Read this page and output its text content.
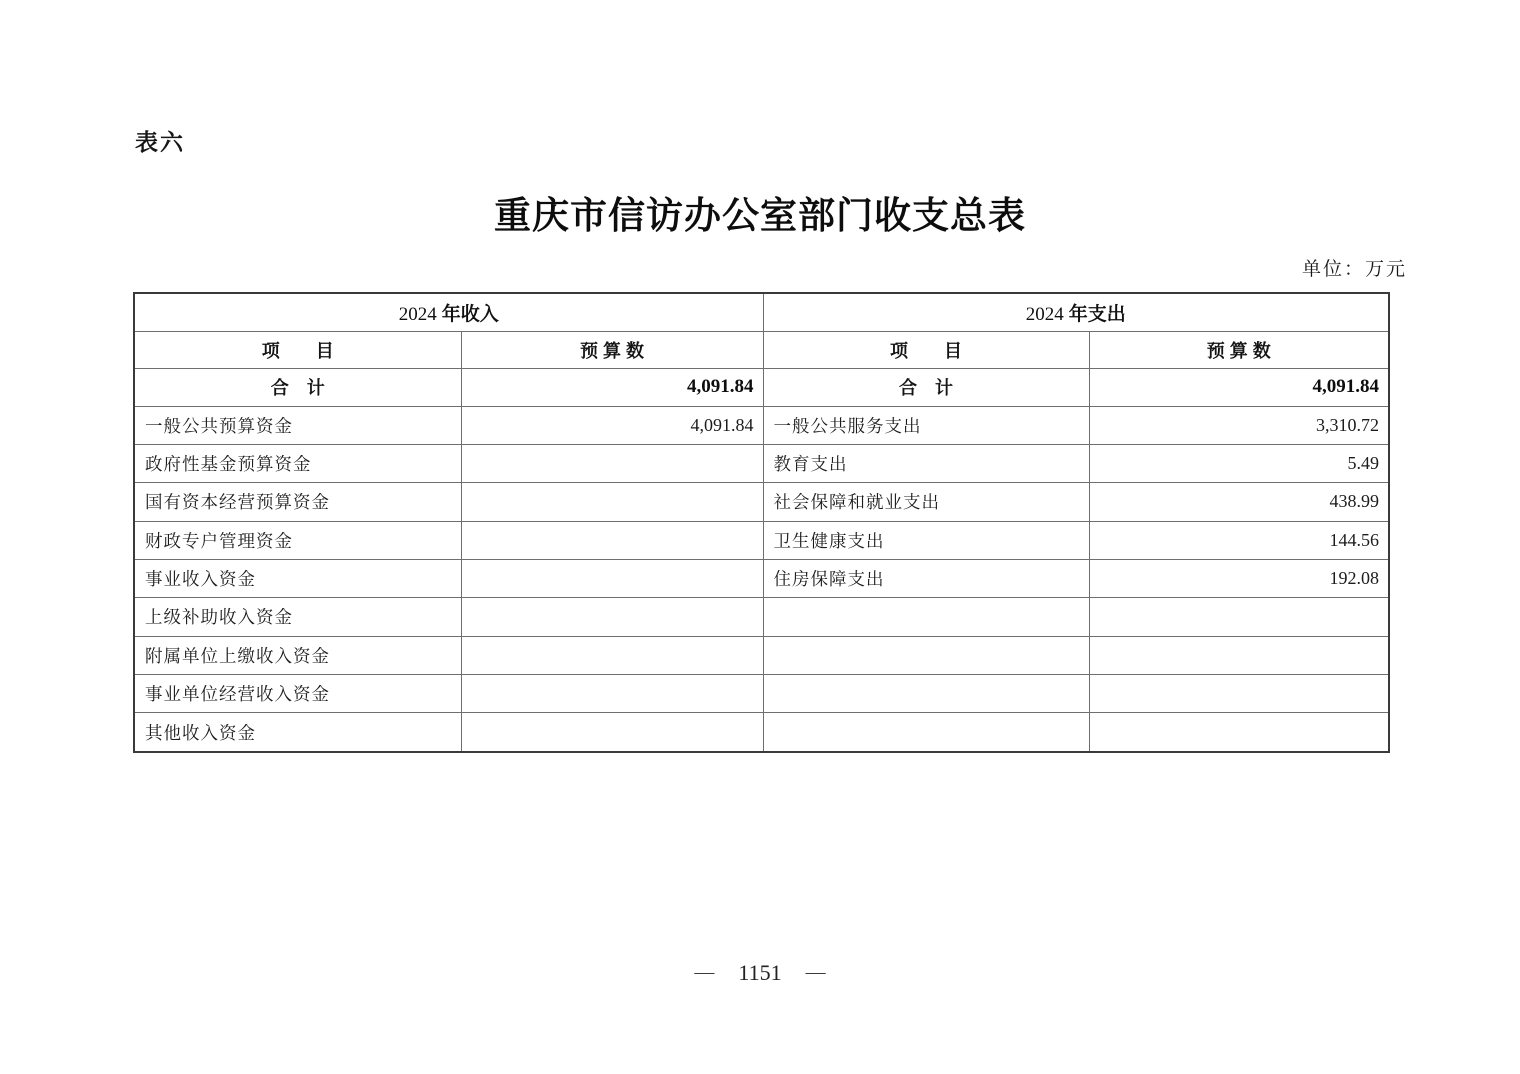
表六
重庆市信访办公室部门收支总表
单位：万元
2024 年收入		2024 年支出	
项　　目	预 算 数	项　　目	预 算 数
合　计	4,091.84	合　计	4,091.84
一般公共预算资金	4,091.84	一般公共服务支出	3,310.72
政府性基金预算资金		教育支出	5.49
国有资本经营预算资金		社会保障和就业支出	438.99
财政专户管理资金		卫生健康支出	144.56
事业收入资金		住房保障支出	192.08
上级补助收入资金			
附属单位上缴收入资金			
事业单位经营收入资金			
其他收入资金			
— 1151 —
